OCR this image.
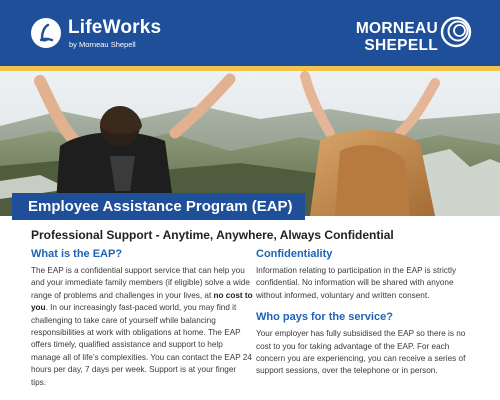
LifeWorks
by Morneau Shepell
MORNEAU
SHEPELL
Employee Assistance Program (EAP)
Professional Support - Anytime, Anywhere, Always Confidential
What is the EAP?

The EAP is a confidential support service that can help you and your immediate family members (if eligible) solve a wide range of problems and challenges in your lives, at no cost to you. In our increasingly fast-paced world, you may find it challenging to take care of yourself while balancing responsibilities at work with obligations at home. The EAP offers timely, qualified assistance and support to help manage all of life’s complexities. You can contact the EAP 24 hours per day, 7 days per week. Support is at your finger tips.

Confidentiality

Information relating to participation in the EAP is strictly confidential. No information will be shared with anyone without informed, voluntary and written consent.

Who pays for the service?

Your employer has fully subsidised the EAP so there is no cost to you for taking advantage of the EAP. For each concern you are experiencing, you can receive a series of support sessions, over the telephone or in person.
